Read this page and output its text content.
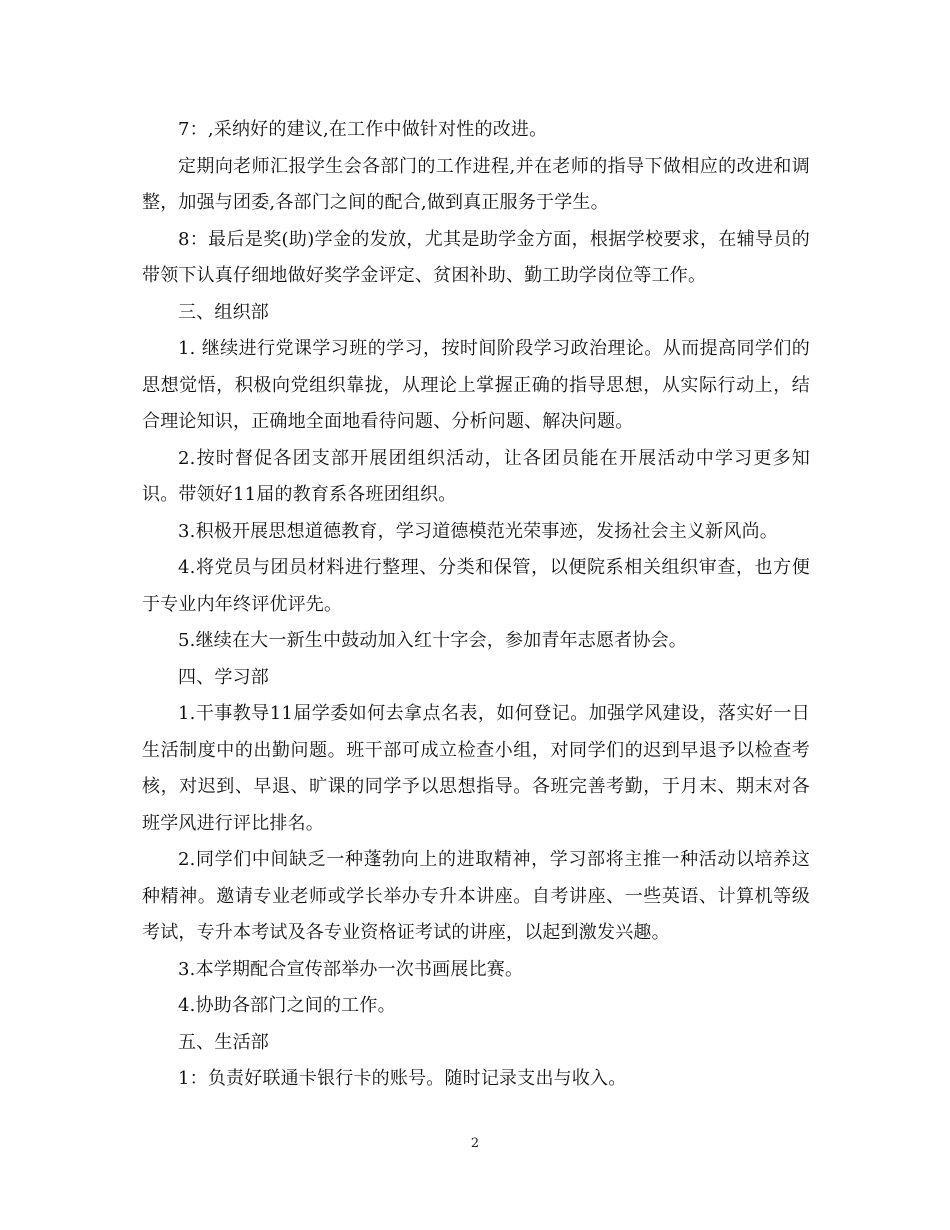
7：,采纳好的建议,在工作中做针对性的改进。

定期向老师汇报学生会各部门的工作进程,并在老师的指导下做相应的改进和调整，加强与团委,各部门之间的配合,做到真正服务于学生。

8：最后是奖(助)学金的发放，尤其是助学金方面，根据学校要求，在辅导员的带领下认真仔细地做好奖学金评定、贫困补助、勤工助学岗位等工作。

三、组织部

1. 继续进行党课学习班的学习，按时间阶段学习政治理论。从而提高同学们的思想觉悟，积极向党组织靠拢，从理论上掌握正确的指导思想，从实际行动上，结合理论知识，正确地全面地看待问题、分析问题、解决问题。

2.按时督促各团支部开展团组织活动，让各团员能在开展活动中学习更多知识。带领好11届的教育系各班团组织。

3.积极开展思想道德教育，学习道德模范光荣事迹，发扬社会主义新风尚。

4.将党员与团员材料进行整理、分类和保管，以便院系相关组织审查，也方便于专业内年终评优评先。

5.继续在大一新生中鼓动加入红十字会，参加青年志愿者协会。

四、学习部

1.干事教导11届学委如何去拿点名表，如何登记。加强学风建设，落实好一日生活制度中的出勤问题。班干部可成立检查小组，对同学们的迟到早退予以检查考核，对迟到、早退、旷课的同学予以思想指导。各班完善考勤，于月末、期末对各班学风进行评比排名。

2.同学们中间缺乏一种蓬勃向上的进取精神，学习部将主推一种活动以培养这种精神。邀请专业老师或学长举办专升本讲座。自考讲座、一些英语、计算机等级考试，专升本考试及各专业资格证考试的讲座，以起到激发兴趣。

3.本学期配合宣传部举办一次书画展比赛。

4.协助各部门之间的工作。

五、生活部

1：负责好联通卡银行卡的账号。随时记录支出与收入。

2
